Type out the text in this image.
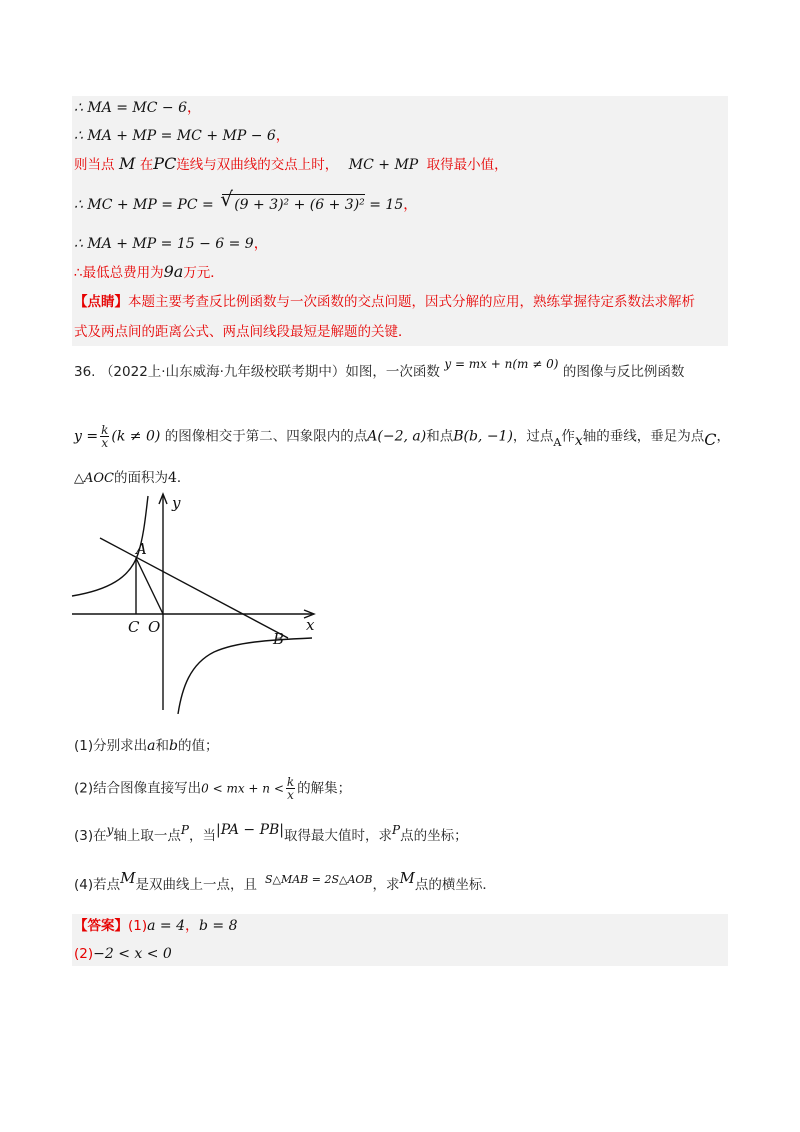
∴ MA = MC − 6，
∴ MA + MP = MC + MP − 6，
则当点 M 在PC连线与双曲线的交点上时， MC + MP 取得最小值，
∴ MC + MP = PC = √ (9 + 3)² + (6 + 3)² = 15，
∴ MA + MP = 15 − 6 = 9，
∴最低总费用为9a万元．
【点睛】本题主要考查反比例函数与一次函数的交点问题，因式分解的应用，熟练掌握待定系数法求解析
式及两点间的距离公式、两点间线段最短是解题的关键．
36. （2022上·山东威海·九年级校联考期中）如图，一次函数 y = mx + n(m ≠ 0) 的图像与反比例函数
$y = \frac{k}{x} (k \ne 0)$ 的图像相交于第二、四象限内的点A(−2, a)和点B(b, −1)，过点$_A$作x轴的垂线，垂足为点C，
△AOC的面积为4．
y
x
A
C O
B
(1)分别求出a和b的值；
(2)结合图像直接写出0 < mx + $n < \frac{k}{x}$ 的解集；
(3)在y轴上取一点P，当|PA − PB|取得最大值时，求P点的坐标；
(4)若点M是双曲线上一点，且 $^{S\triangle MAB = 2S\triangle AOB}$，求M点的横坐标．
【答案】(1)a = 4，b = 8
(2)−2 < x < 0
